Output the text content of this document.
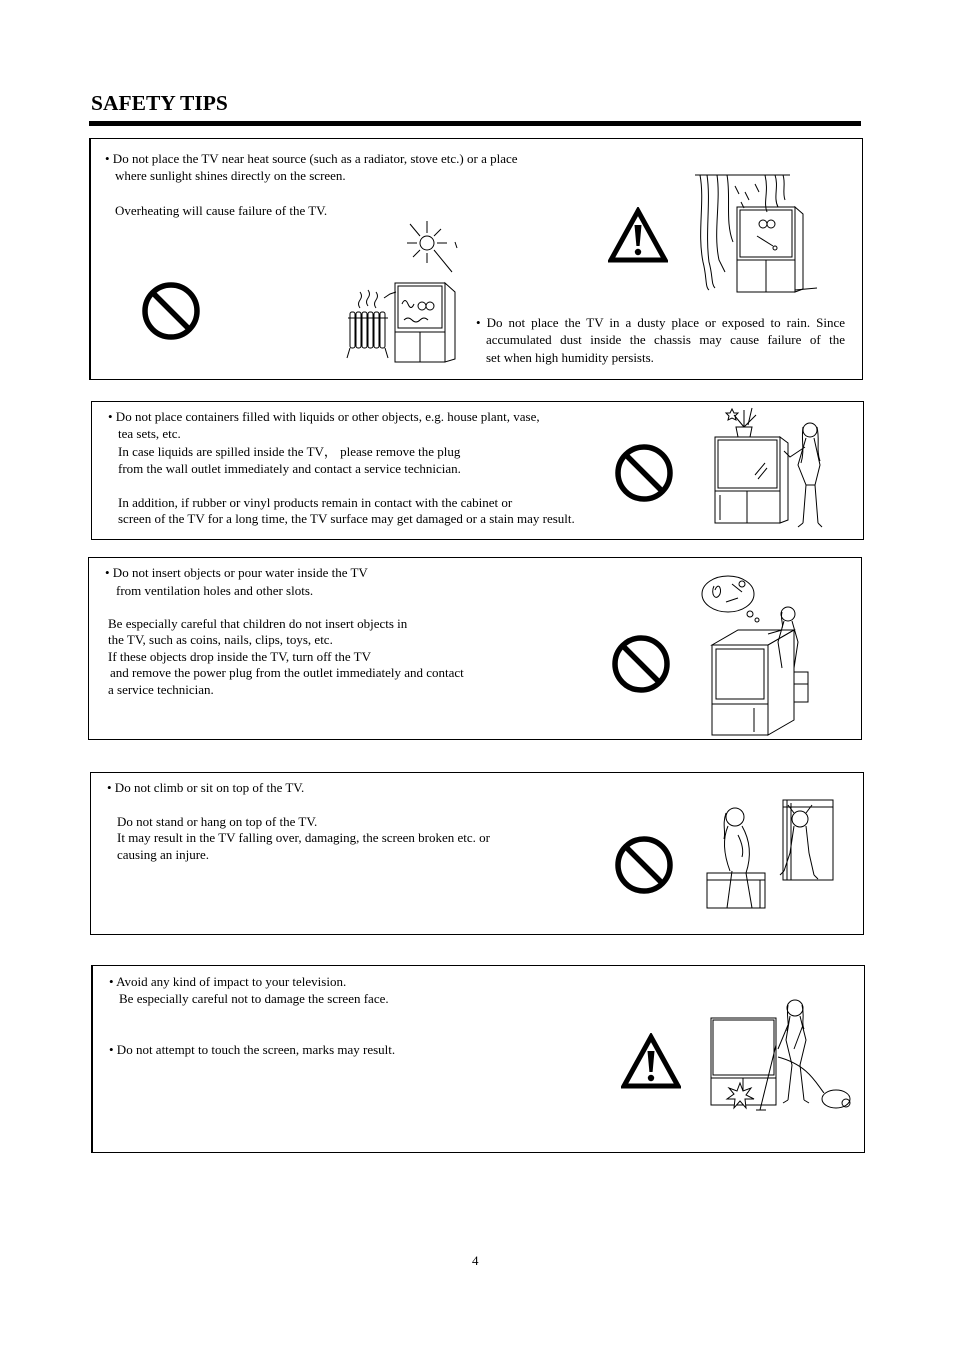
SAFETY TIPS
• Do not place the TV near heat source (such as a radiator, stove etc.) or a place
where sunlight shines directly on the screen.
Overheating will cause failure of the TV.
• Do not place the TV in a dusty place or exposed to rain. Since
accumulated dust inside the chassis may cause failure of the
set when high humidity persists.
• Do not place containers filled with liquids or other objects, e.g. house plant, vase,
tea sets, etc.
In case liquids are spilled inside the TV， please remove the plug
from the wall outlet immediately and contact a service technician.
In addition, if rubber or vinyl products remain in contact with the cabinet or
screen of the TV for a long time, the TV surface may get damaged or a stain may result.
• Do not insert objects or pour water inside the TV
from ventilation holes and other slots.
Be especially careful that children do not insert objects in
the TV, such as coins, nails, clips, toys, etc.
If these objects drop inside the TV, turn off the TV
and remove the power plug from the outlet immediately and contact
a service technician.
• Do not climb or sit on top of the TV.
Do not stand or hang on top of the TV.
It may result in the TV falling over, damaging, the screen broken etc. or
causing an injure.
• Avoid any kind of impact to your television.
Be especially careful not to damage the screen face.
• Do not attempt to touch the screen, marks may result.
4
